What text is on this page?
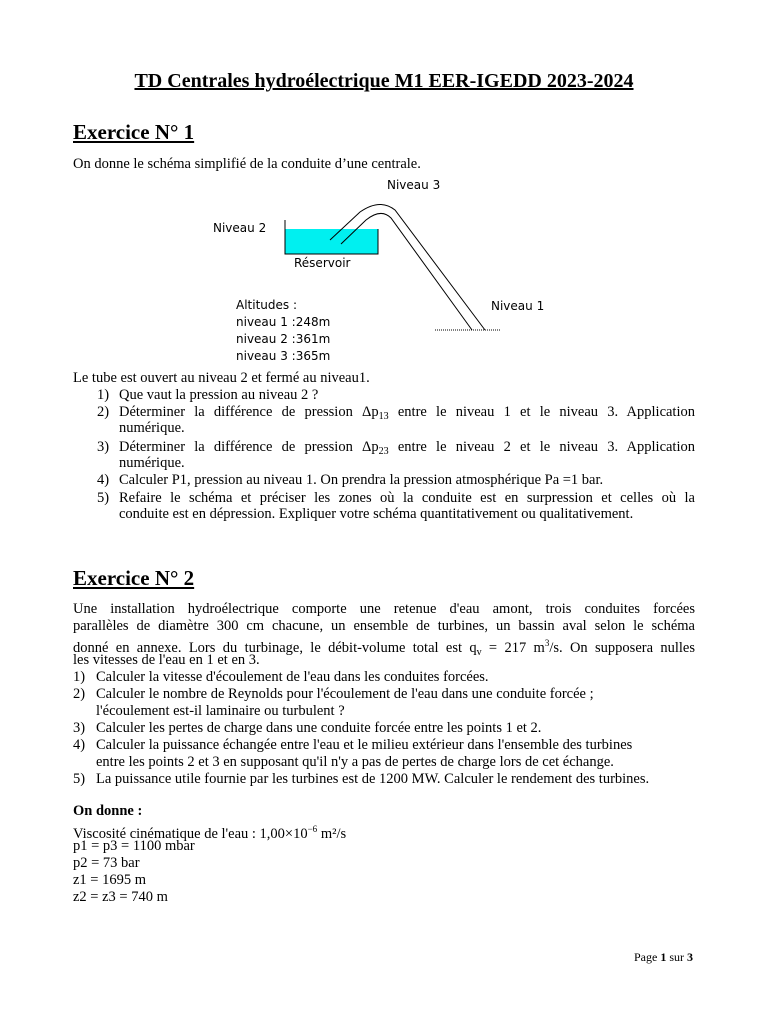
TD Centrales hydroélectrique M1 EER-IGEDD 2023-2024
Exercice N° 1
On donne le schéma simplifié de la conduite d’une centrale.
Niveau 3
Niveau 2
Réservoir
Niveau 1
Altitudes :
niveau 1 :248m
niveau 2 :361m
niveau 3 :365m
Le tube est ouvert au niveau 2 et fermé au niveau1.
1) Que vaut la pression au niveau 2 ?
2) Déterminer la différence de pression $\Delta p_{13}$ entre le niveau 1 et le niveau 3. Application
numérique.
3) Déterminer la différence de pression $\Delta p_{23}$ entre le niveau 2 et le niveau 3. Application
numérique.
4) Calculer P1, pression au niveau 1. On prendra la pression atmosphérique Pa =1 bar.
5) Refaire le schéma et préciser les zones où la conduite est en surpression et celles où la
conduite est en dépression. Expliquer votre schéma quantitativement ou qualitativement.
Exercice N° 2
Une installation hydroélectrique comporte une retenue d'eau amont, trois conduites forcées
parallèles de diamètre 300 cm chacune, un ensemble de turbines, un bassin aval selon le schéma
donné en annexe. Lors du turbinage, le débit-volume total est $q_v = 217$ $m^3/s$. On supposera nulles
les vitesses de l'eau en 1 et en 3.
1) Calculer la vitesse d'écoulement de l'eau dans les conduites forcées.
2) Calculer le nombre de Reynolds pour l'écoulement de l'eau dans une conduite forcée ;
l'écoulement est-il laminaire ou turbulent ?
3) Calculer les pertes de charge dans une conduite forcée entre les points 1 et 2.
4) Calculer la puissance échangée entre l'eau et le milieu extérieur dans l'ensemble des turbines
entre les points 2 et 3 en supposant qu'il n'y a pas de pertes de charge lors de cet échange.
5) La puissance utile fournie par les turbines est de 1200 MW. Calculer le rendement des turbines.
On donne :
Viscosité cinématique de l'eau : $1,00\times 10^{-6}$ m²/s
p1 = p3 = 1100 mbar
p2 = 73 bar
z1 = 1695 m
z2 = z3 = 740 m
Page 1 sur 3
